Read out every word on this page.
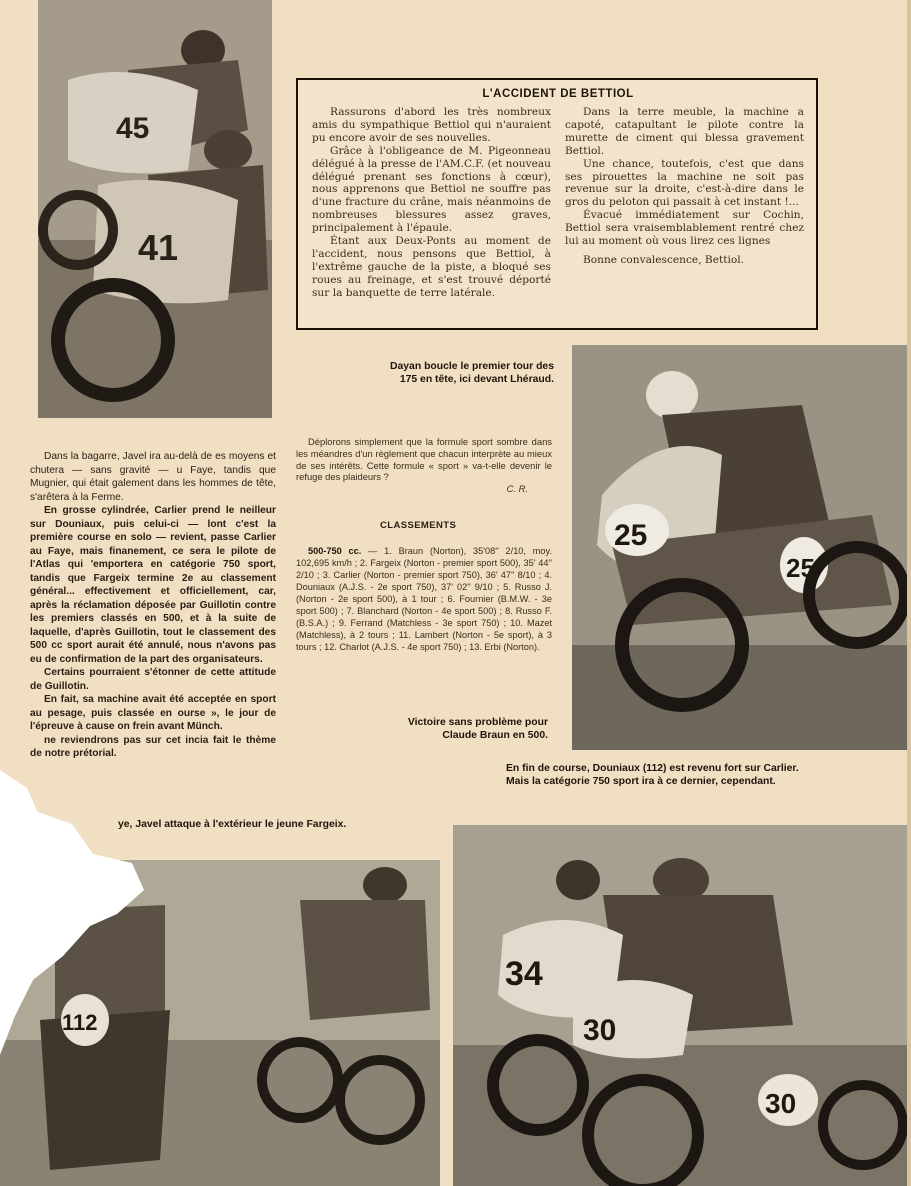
45
41
L'ACCIDENT DE BETTIOL

Rassurons d'abord les très nombreux amis du sympathique Bettiol qui n'auraient pu encore avoir de ses nouvelles.

Grâce à l'obligeance de M. Pigeonneau délégué à la presse de l'AM.C.F. (et nouveau délégué prenant ses fonctions à cœur), nous apprenons que Bettiol ne souffre pas d'une fracture du crâne, mais néanmoins de nombreuses blessures assez graves, principalement à l'épaule.

Étant aux Deux-Ponts au moment de l'accident, nous pensons que Bettiol, à l'extrême gauche de la piste, a bloqué ses roues au freinage, et s'est trouvé déporté sur la banquette de terre latérale.

Dans la terre meuble, la machine a capoté, catapultant le pilote contre la murette de ciment qui blessa gravement Bettiol.

Une chance, toutefois, c'est que dans ses pirouettes la machine ne soit pas revenue sur la droite, c'est-à-dire dans le gros du peloton qui passait à cet instant !...

Évacué immédiatement sur Cochin, Bettiol sera vraisemblablement rentré chez lui au moment où vous lirez ces lignes

Bonne convalescence, Bettiol.

Dayan boucle le premier tour des 175 en tête, ici devant Lhéraud.
25
25

Dans la bagarre, Javel ira au-delà de es moyens et chutera — sans gravité — u Faye, tandis que Mugnier, qui était galement dans les hommes de tête, s'arêtera à la Ferme.

En grosse cylindrée, Carlier prend le neilleur sur Douniaux, puis celui-ci — lont c'est la première course en solo — revient, passe Carlier au Faye, mais finanement, ce sera le pilote de l'Atlas qui 'emportera en catégorie 750 sport, tandis que Fargeix termine 2e au classement général... effectivement et officiellement, car, après la réclamation déposée par Guillotin contre les premiers classés en 500, et à la suite de laquelle, d'après Guillotin, tout le classement des 500 cc sport aurait été annulé, nous n'avons pas eu de confirmation de la part des organisateurs.

Certains pourraient s'étonner de cette attitude de Guillotin.

En fait, sa machine avait été acceptée en sport au pesage, puis classée en ourse », le jour de l'épreuve à cause on frein avant Münch.

ne reviendrons pas sur cet incia fait le thème de notre prétorial.

Déplorons simplement que la formule sport sombre dans les méandres d'un règlement que chacun interprète au mieux de ses intérêts. Cette formule « sport » va-t-elle devenir le refuge des plaideurs ?

C. R.

CLASSEMENTS

500-750 cc. — 1. Braun (Norton), 35'08'' 2/10, moy. 102,695 km/h ; 2. Fargeix (Norton - premier sport 500), 35' 44'' 2/10 ; 3. Carlier (Norton - premier sport 750), 36' 47'' 8/10 ; 4. Douniaux (A.J.S. - 2e sport 750), 37' 02'' 9/10 ; 5. Russo J. (Norton - 2e sport 500), à 1 tour ; 6. Fournier (B.M.W. - 3e sport 500) ; 7. Blanchard (Norton - 4e sport 500) ; 8. Russo F. (B.S.A.) ; 9. Ferrand (Matchless - 3e sport 750) ; 10. Mazet (Matchless), à 2 tours ; 11. Lambert (Norton - 5e sport), à 3 tours ; 12. Charlot (A.J.S. - 4e sport 750) ; 13. Erbi (Norton).

Victoire sans problème pour Claude Braun en 500.
En fin de course, Douniaux (112) est revenu fort sur Carlier. Mais la catégorie 750 sport ira à ce dernier, cependant.
ye, Javel attaque à l'extérieur le jeune Fargeix.
112
34
30
30
